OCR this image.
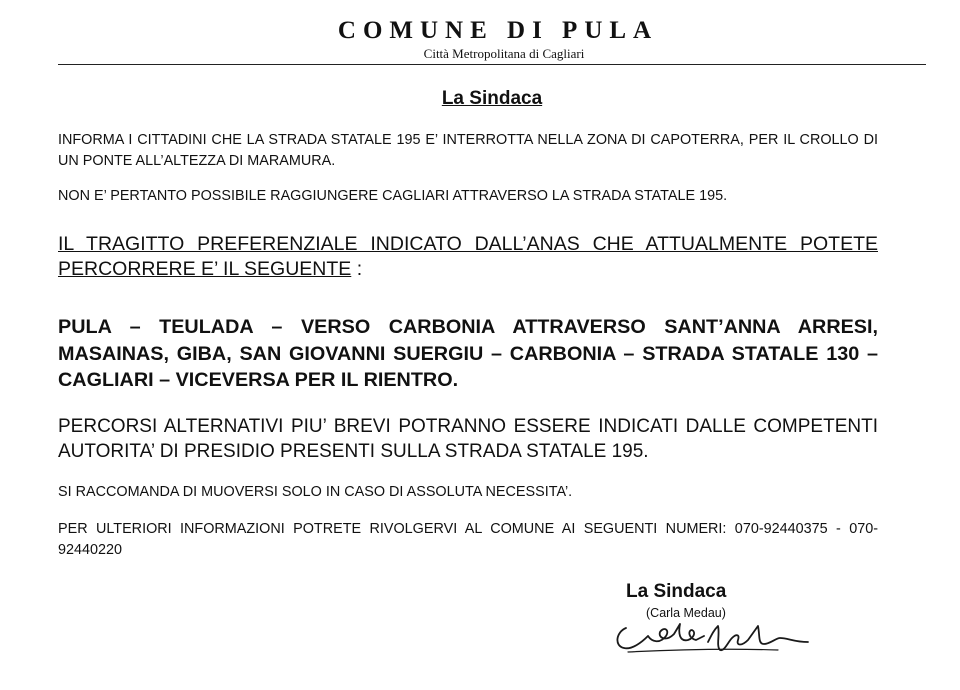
COMUNE DI PULA
Città Metropolitana di Cagliari
La Sindaca
INFORMA I CITTADINI CHE LA STRADA STATALE 195 E’ INTERROTTA NELLA ZONA DI CAPOTERRA, PER IL CROLLO DI UN PONTE ALL’ALTEZZA DI MARAMURA.
NON E’ PERTANTO POSSIBILE RAGGIUNGERE CAGLIARI ATTRAVERSO LA STRADA STATALE 195.
IL TRAGITTO PREFERENZIALE INDICATO DALL’ANAS CHE ATTUALMENTE POTETE PERCORRERE E’ IL SEGUENTE :
PULA – TEULADA – VERSO CARBONIA ATTRAVERSO SANT’ANNA ARRESI, MASAINAS, GIBA, SAN GIOVANNI SUERGIU – CARBONIA – STRADA STATALE 130 – CAGLIARI – VICEVERSA PER IL RIENTRO.
PERCORSI ALTERNATIVI PIU’ BREVI POTRANNO ESSERE INDICATI DALLE COMPETENTI AUTORITA’ DI PRESIDIO PRESENTI SULLA STRADA STATALE 195.
SI RACCOMANDA DI MUOVERSI SOLO IN CASO DI ASSOLUTA NECESSITA’.
PER ULTERIORI INFORMAZIONI POTRETE RIVOLGERVI AL COMUNE AI SEGUENTI NUMERI: 070-92440375 - 070-92440220
La Sindaca
(Carla Medau)
